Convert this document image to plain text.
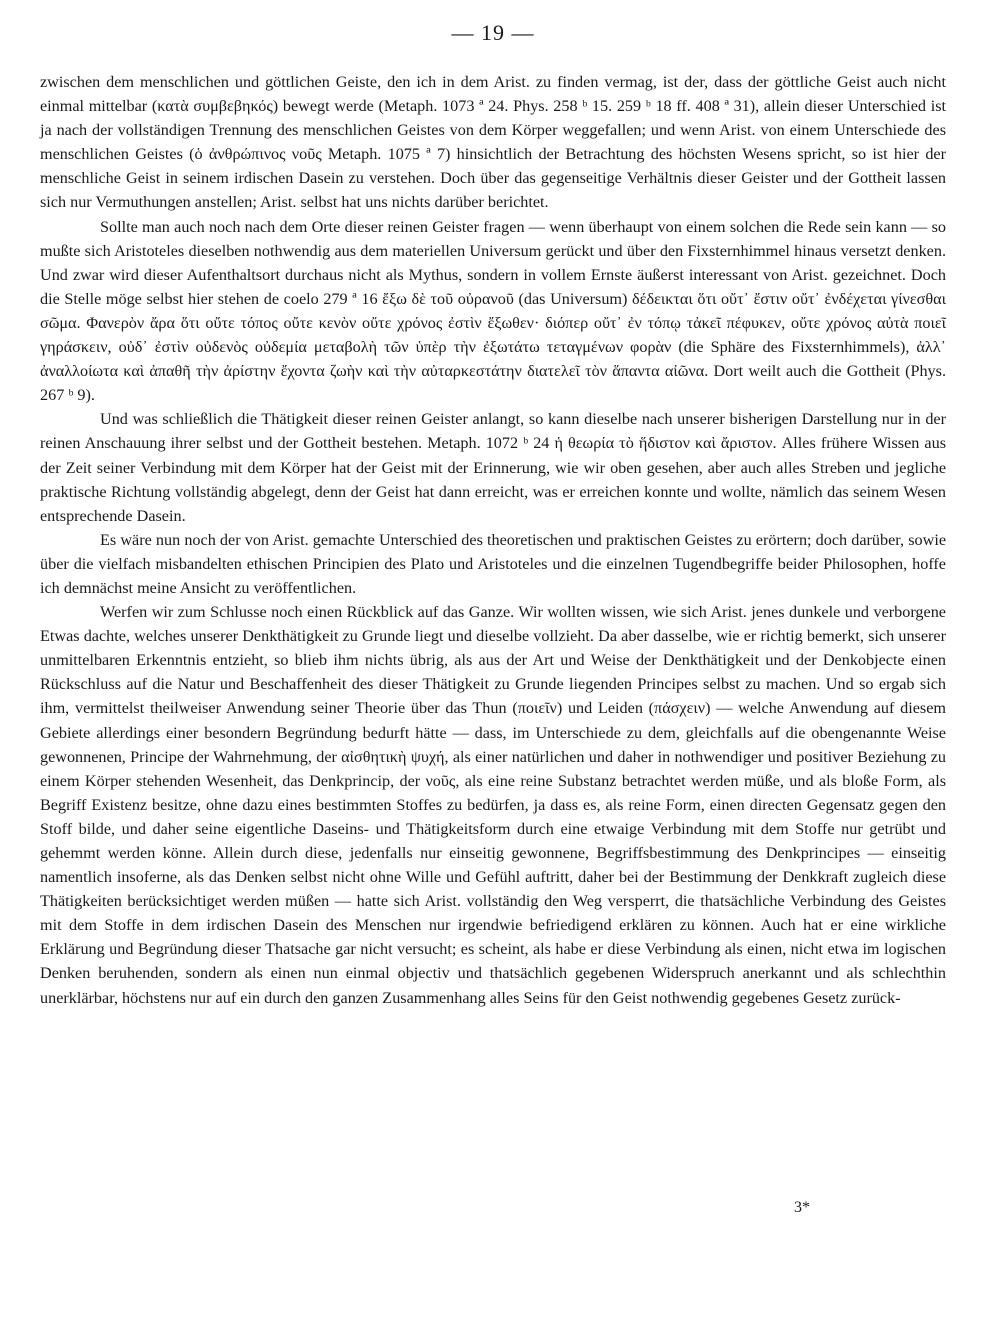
— 19 —

zwischen dem menschlichen und göttlichen Geiste, den ich in dem Arist. zu finden vermag, ist der, dass der göttliche Geist auch nicht einmal mittelbar (κατὰ συμβεβηκός) bewegt werde (Metaph. 1073 ª 24. Phys. 258 ᵇ 15. 259 ᵇ 18 ff. 408 ª 31), allein dieser Unterschied ist ja nach der vollständigen Trennung des menschlichen Geistes von dem Körper weggefallen; und wenn Arist. von einem Unterschiede des menschlichen Geistes (ὁ ἀνθρώπινος νοῦς Metaph. 1075 ª 7) hinsichtlich der Betrachtung des höchsten Wesens spricht, so ist hier der menschliche Geist in seinem irdischen Dasein zu verstehen. Doch über das gegenseitige Verhältnis dieser Geister und der Gottheit lassen sich nur Vermuthungen anstellen; Arist. selbst hat uns nichts darüber berichtet.

Sollte man auch noch nach dem Orte dieser reinen Geister fragen — wenn überhaupt von einem solchen die Rede sein kann — so mußte sich Aristoteles dieselben nothwendig aus dem materiellen Universum gerückt und über den Fixsternhimmel hinaus versetzt denken. Und zwar wird dieser Aufenthaltsort durchaus nicht als Mythus, sondern in vollem Ernste äußerst interessant von Arist. gezeichnet. Doch die Stelle möge selbst hier stehen de coelo 279 ª 16 ἔξω δὲ τοῦ οὐρανοῦ (das Universum) δέδεικται ὅτι οὔτ᾽ ἔστιν οὔτ᾽ ἐνδέχεται γίνεσθαι σῶμα. Φανερὸν ἄρα ὅτι οὔτε τόπος οὔτε κενὸν οὔτε χρόνος ἐστὶν ἔξωθεν· διόπερ οὔτ᾽ ἐν τόπῳ τἀκεῖ πέφυκεν, οὔτε χρόνος αὐτὰ ποιεῖ γηράσκειν, οὐδ᾽ ἐστὶν οὐδενὸς οὐδεμία μεταβολὴ τῶν ὑπὲρ τὴν ἐξωτάτω τεταγμένων φορὰν (die Sphäre des Fixsternhimmels), ἀλλ᾽ ἀναλλοίωτα καὶ ἀπαθῆ τὴν ἀρίστην ἔχοντα ζωὴν καὶ τὴν αὐταρκεστάτην διατελεῖ τὸν ἅπαντα αἰῶνα. Dort weilt auch die Gottheit (Phys. 267 ᵇ 9).

Und was schließlich die Thätigkeit dieser reinen Geister anlangt, so kann dieselbe nach unserer bisherigen Darstellung nur in der reinen Anschauung ihrer selbst und der Gottheit bestehen. Metaph. 1072 ᵇ 24 ἡ θεωρία τὸ ἥδιστον καὶ ἄριστον. Alles frühere Wissen aus der Zeit seiner Verbindung mit dem Körper hat der Geist mit der Erinnerung, wie wir oben gesehen, aber auch alles Streben und jegliche praktische Richtung vollständig abgelegt, denn der Geist hat dann erreicht, was er erreichen konnte und wollte, nämlich das seinem Wesen entsprechende Dasein.

Es wäre nun noch der von Arist. gemachte Unterschied des theoretischen und praktischen Geistes zu erörtern; doch darüber, sowie über die vielfach misbandelten ethischen Principien des Plato und Aristoteles und die einzelnen Tugendbegriffe beider Philosophen, hoffe ich demnächst meine Ansicht zu veröffentlichen.

Werfen wir zum Schlusse noch einen Rückblick auf das Ganze. Wir wollten wissen, wie sich Arist. jenes dunkele und verborgene Etwas dachte, welches unserer Denkthätigkeit zu Grunde liegt und dieselbe vollzieht. Da aber dasselbe, wie er richtig bemerkt, sich unserer unmittelbaren Erkenntnis entzieht, so blieb ihm nichts übrig, als aus der Art und Weise der Denkthätigkeit und der Denkobjecte einen Rückschluss auf die Natur und Beschaffenheit des dieser Thätigkeit zu Grunde liegenden Principes selbst zu machen. Und so ergab sich ihm, vermittelst theilweiser Anwendung seiner Theorie über das Thun (ποιεῖν) und Leiden (πάσχειν) — welche Anwendung auf diesem Gebiete allerdings einer besondern Begründung bedurft hätte — dass, im Unterschiede zu dem, gleichfalls auf die obengenannte Weise gewonnenen, Principe der Wahrnehmung, der αἰσθητικὴ ψυχή, als einer natürlichen und daher in nothwendiger und positiver Beziehung zu einem Körper stehenden Wesenheit, das Denkprincip, der νοῦς, als eine reine Substanz betrachtet werden müße, und als bloße Form, als Begriff Existenz besitze, ohne dazu eines bestimmten Stoffes zu bedürfen, ja dass es, als reine Form, einen directen Gegensatz gegen den Stoff bilde, und daher seine eigentliche Daseins- und Thätigkeitsform durch eine etwaige Verbindung mit dem Stoffe nur getrübt und gehemmt werden könne. Allein durch diese, jedenfalls nur einseitig gewonnene, Begriffsbestimmung des Denkprincipes — einseitig namentlich insoferne, als das Denken selbst nicht ohne Wille und Gefühl auftritt, daher bei der Bestimmung der Denkkraft zugleich diese Thätigkeiten berücksichtiget werden müßen — hatte sich Arist. vollständig den Weg versperrt, die thatsächliche Verbindung des Geistes mit dem Stoffe in dem irdischen Dasein des Menschen nur irgendwie befriedigend erklären zu können. Auch hat er eine wirkliche Erklärung und Begründung dieser Thatsache gar nicht versucht; es scheint, als habe er diese Verbindung als einen, nicht etwa im logischen Denken beruhenden, sondern als einen nun einmal objectiv und thatsächlich gegebenen Widerspruch anerkannt und als schlechthin unerklärbar, höchstens nur auf ein durch den ganzen Zusammenhang alles Seins für den Geist nothwendig gegebenes Gesetz zurück-

3*
